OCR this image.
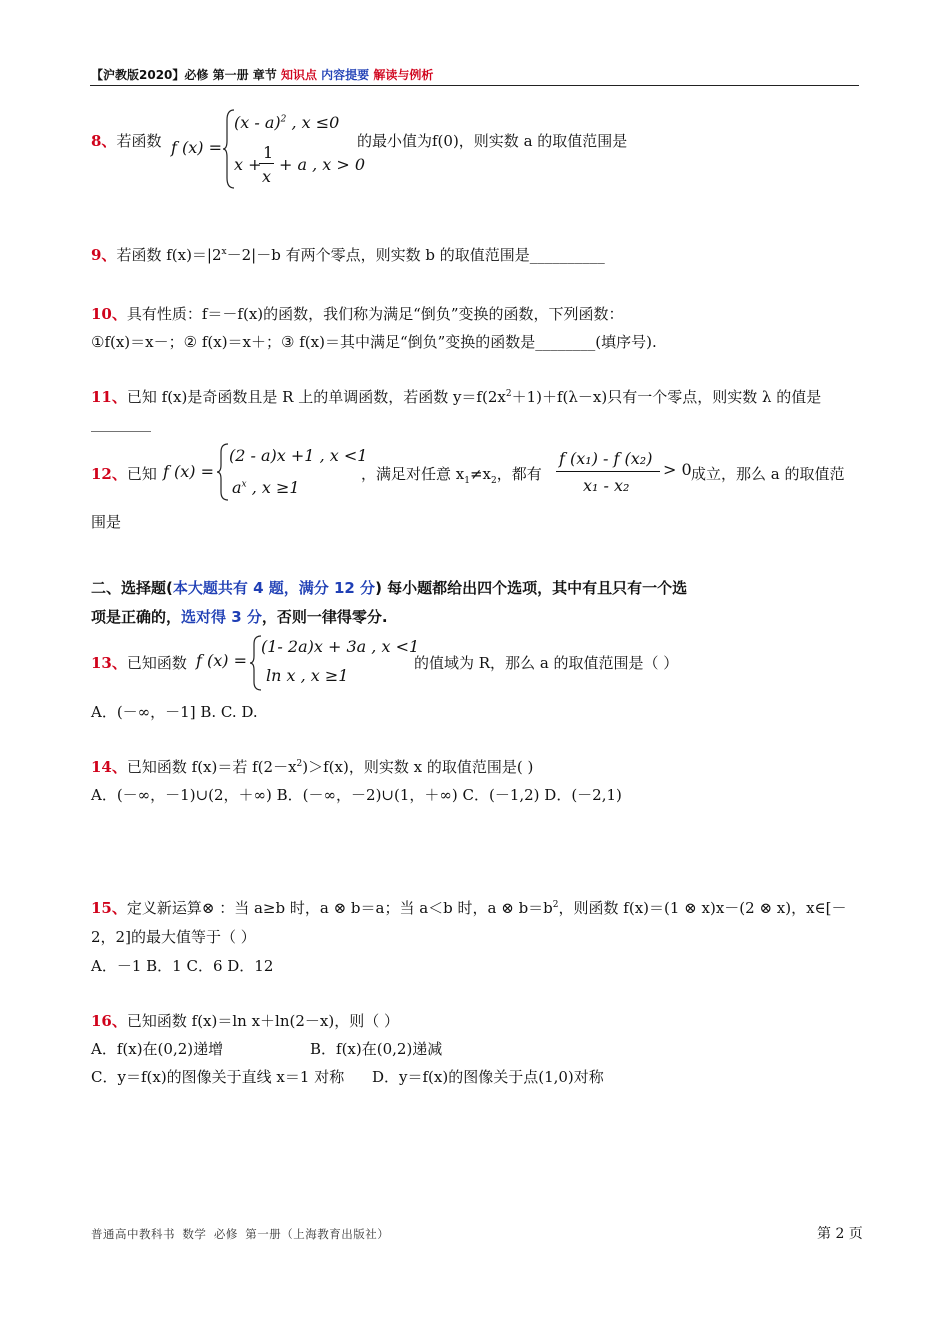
【沪教版2020】必修 第一册 章节 知识点 内容提要 解读与例析
8、若函数 f (x) =
(x - a)$^2$ , x ≤0
x +
1
x
+ a , x > 0
的最小值为f(0)，则实数 a 的取值范围是
9、若函数 $f(x)=|2^x-2|-b$ 有两个零点，则实数 b 的取值范围是__________
10、具有性质：f＝－f(x)的函数，我们称为满足“倒负”变换的函数，下列函数：
①f(x)＝x－；② f(x)＝x＋；③ f(x)＝其中满足“倒负”变换的函数是________(填序号).
11、已知 f(x)是奇函数且是 R 上的单调函数，若函数 $y=f(2x^2+1)+f(\lambda-x)$只有一个零点，则实数 λ 的值是
________
12、已知 f (x) =
(2 - a)x +1 , x <1
$a^x$ , x ≥1
，满足对任意 $x_1\ne x_2$，都有
f (x₁) - f (x₂)
x₁ - x₂
> 0 成立，那么 a 的取值范
围是
二、选择题(本大题共有 4 题，满分 12 分) 每小题都给出四个选项，其中有且只有一个选
项是正确的，选对得 3 分，否则一律得零分.
13、已知函数 f (x) =
(1- 2a)x + 3a , x <1
ln x , x ≥1
的值域为 R，那么 a 的取值范围是（ ）
A．(－∞，－1] B. C. D.
14、已知函数 f(x)＝若 $f(2-x^2)>f(x)$，则实数 x 的取值范围是( )
A．(－∞，－1)∪(2，＋∞) B．(－∞，－2)∪(1，＋∞) C．(－1,2) D．(－2,1)
15、定义新运算⊗ ：当 a≥b 时，a ⊗ b＝a；当 a＜b 时，a ⊗ $b=b^2$，则函数 f(x)＝(1 ⊗ x)x－(2 ⊗ x)，x∈[－
2，2]的最大值等于（ ）
A．－1 B．1 C．6 D．12
16、已知函数 f(x)＝ln x＋ln(2－x)，则（ ）
A．f(x)在(0,2)递增	B．f(x)在(0,2)递减
C．y＝f(x)的图像关于直线 x＝1 对称 D．y＝f(x)的图像关于点(1,0)对称
普通高中教科书 数学 必修 第一册（上海教育出版社）	第 2 页
